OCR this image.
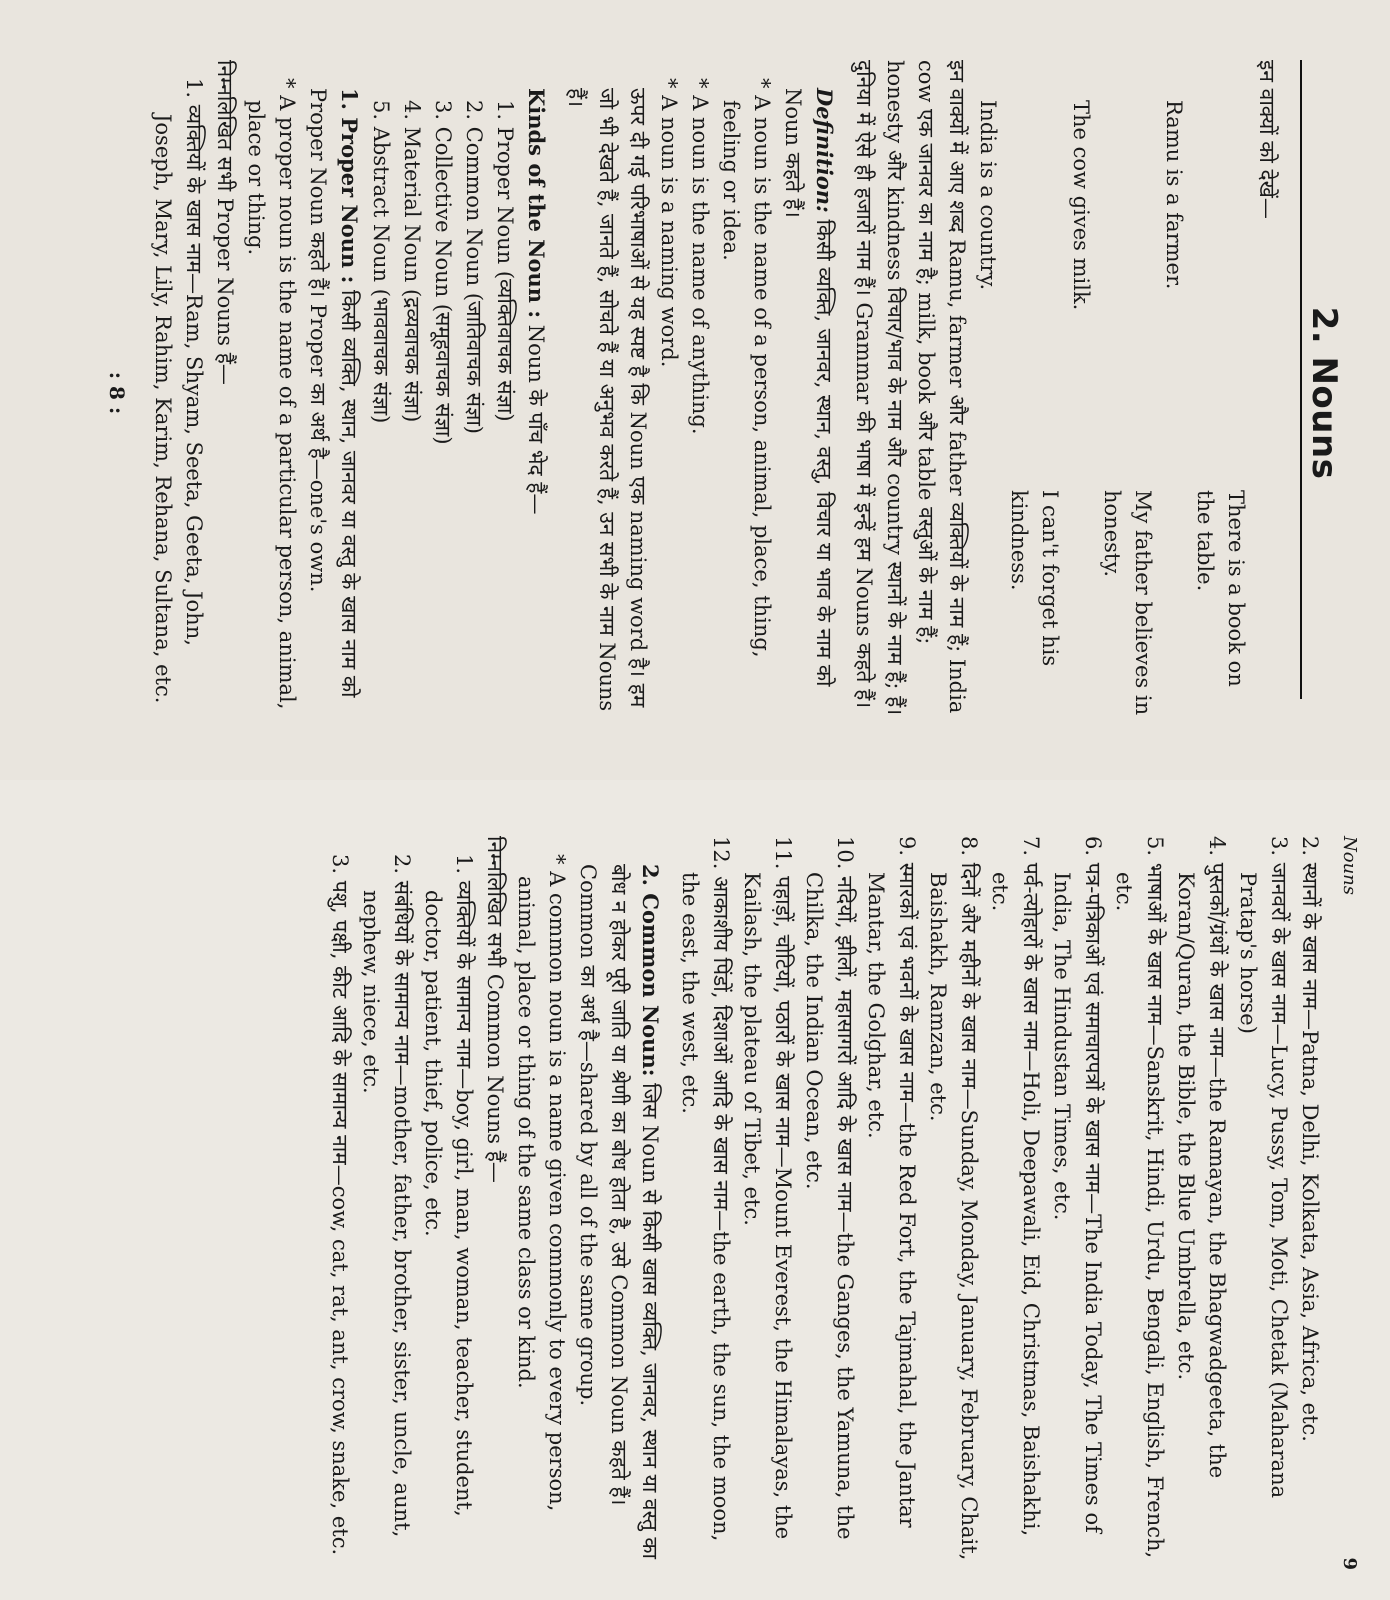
2. Nouns

इन वाक्यों को देखें—

There is a book on the table.

Ramu is a farmer.

My father believes in honesty.

The cow gives milk.

I can't forget his kindness.

India is a country.

इन वाक्यों में आए शब्द Ramu, farmer और father व्यक्तियों के नाम हैं; India cow एक जानवर का नाम है; milk, book और table वस्तुओं के नाम हैं; honesty और kindness विचार/भाव के नाम और country स्थानों के नाम हैं; हैं। दुनिया में ऐसे ही हजारों नाम हैं। Grammar की भाषा में इन्हें हम Nouns कहते हैं।

Definition: किसी व्यक्ति, जानवर, स्थान, वस्तु, विचार या भाव के नाम को Noun कहते हैं।

* A noun is the name of a person, animal, place, thing, feeling or idea.

* A noun is the name of anything.

* A noun is a naming word.

ऊपर दी गई परिभाषाओं से यह स्पष्ट है कि Noun एक naming word है। हम जो भी देखते हैं, जानते हैं, सोचते हैं या अनुभव करते हैं, उन सभी के नाम Nouns हैं।

Kinds of the Noun : Noun के पाँच भेद हैं—

1. Proper Noun (व्यक्तिवाचक संज्ञा)

2. Common Noun (जातिवाचक संज्ञा)

3. Collective Noun (समूहवाचक संज्ञा)

4. Material Noun (द्रव्यवाचक संज्ञा)

5. Abstract Noun (भाववाचक संज्ञा)

1. Proper Noun : किसी व्यक्ति, स्थान, जानवर या वस्तु के खास नाम को Proper Noun कहते हैं। Proper का अर्थ है—one's own.

* A proper noun is the name of a particular person, animal, place or thing.

निम्नलिखित सभी Proper Nouns हैं—

1. व्यक्तियों के खास नाम—Ram, Shyam, Seeta, Geeta, John, Joseph, Mary, Lily, Rahim, Karim, Rehana, Sultana, etc.

: 8 :
Nouns
9

2. स्थानों के खास नाम—Patna, Delhi, Kolkata, Asia, Africa, etc.

3. जानवरों के खास नाम—Lucy, Pussy, Tom, Moti, Chetak (Maharana Pratap's horse)

4. पुस्तकों/ग्रंथों के खास नाम—the Ramayan, the Bhagwadgeeta, the Koran/Quran, the Bible, the Blue Umbrella, etc.

5. भाषाओं के खास नाम—Sanskrit, Hindi, Urdu, Bengali, English, French, etc.

6. पत्र-पत्रिकाओं एवं समाचारपत्रों के खास नाम—The India Today, The Times of India, The Hindustan Times, etc.

7. पर्व-त्योहारों के खास नाम—Holi, Deepawali, Eid, Christmas, Baishakhi, etc.

8. दिनों और महीनों के खास नाम—Sunday, Monday, January, February, Chait, Baishakh, Ramzan, etc.

9. स्मारकों एवं भवनों के खास नाम—the Red Fort, the Tajmahal, the Jantar Mantar, the Golghar, etc.

10. नदियों, झीलों, महासागरों आदि के खास नाम—the Ganges, the Yamuna, the Chilka, the Indian Ocean, etc.

11. पहाड़ों, चोटियों, पठारों के खास नाम—Mount Everest, the Himalayas, the Kailash, the plateau of Tibet, etc.

12. आकाशीय पिंडों, दिशाओं आदि के खास नाम—the earth, the sun, the moon, the east, the west, etc.

2. Common Noun: जिस Noun से किसी खास व्यक्ति, जानवर, स्थान या वस्तु का बोध न होकर पूरी जाति या श्रेणी का बोध होता है, उसे Common Noun कहते हैं। Common का अर्थ है—shared by all of the same group.

* A common noun is a name given commonly to every person, animal, place or thing of the same class or kind.

निम्नलिखित सभी Common Nouns हैं—

1. व्यक्तियों के सामान्य नाम—boy, girl, man, woman, teacher, student, doctor, patient, thief, police, etc.

2. संबंधियों के सामान्य नाम—mother, father, brother, sister, uncle, aunt, nephew, niece, etc.

3. पशु, पक्षी, कीट आदि के सामान्य नाम—cow, cat, rat, ant, crow, snake, etc.
